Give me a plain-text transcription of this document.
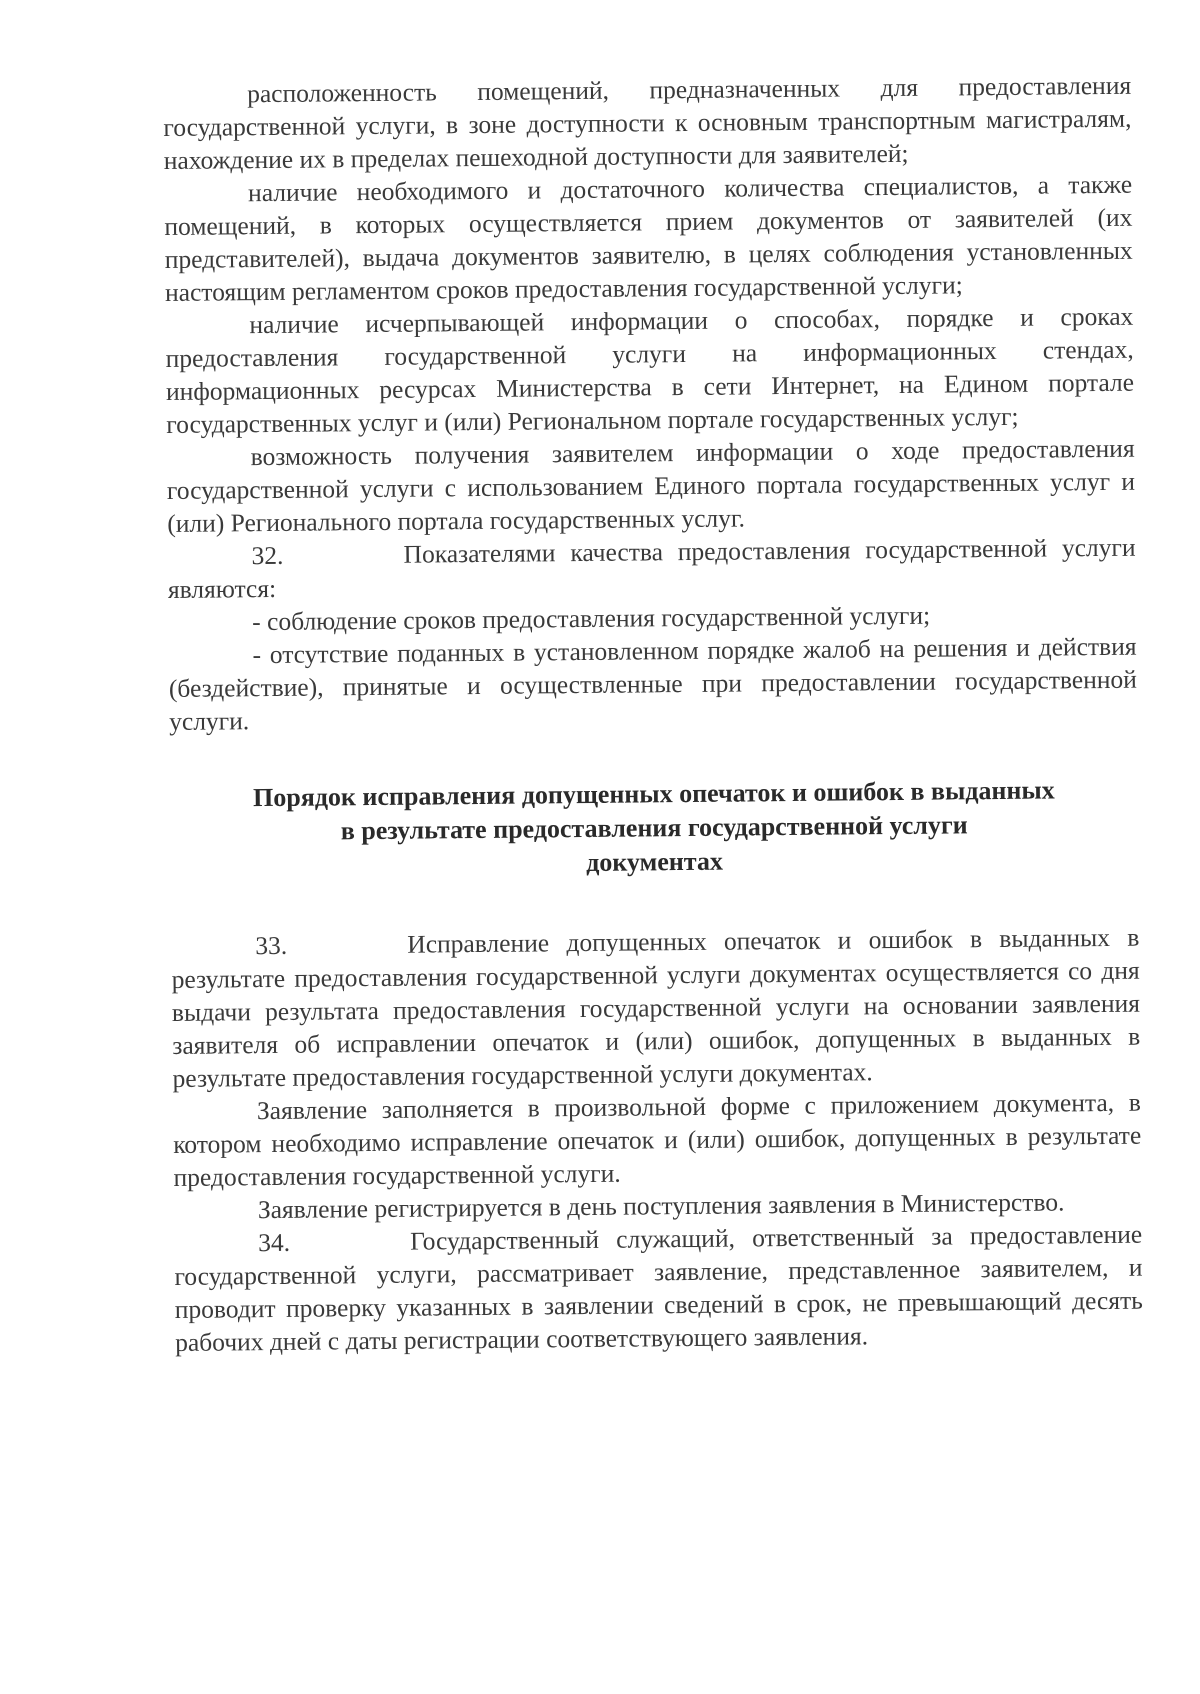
расположенность помещений, предназначенных для предоставления государственной услуги, в зоне доступности к основным транспортным магистралям, нахождение их в пределах пешеходной доступности для заявителей;

наличие необходимого и достаточного количества специалистов, а также помещений, в которых осуществляется прием документов от заявителей (их представителей), выдача документов заявителю, в целях соблюдения установленных настоящим регламентом сроков предоставления государственной услуги;

наличие исчерпывающей информации о способах, порядке и сроках предоставления государственной услуги на информационных стендах, информационных ресурсах Министерства в сети Интернет, на Едином портале государственных услуг и (или) Региональном портале государственных услуг;

возможность получения заявителем информации о ходе предоставления государственной услуги с использованием Единого портала государственных услуг и (или) Регионального портала государственных услуг.

32.	Показателями качества предоставления государственной услуги являются:

- соблюдение сроков предоставления государственной услуги;

- отсутствие поданных в установленном порядке жалоб на решения и действия (бездействие), принятые и осуществленные при предоставлении государственной услуги.

Порядок исправления допущенных опечаток и ошибок в выданных
в результате предоставления государственной услуги
документах

33.	Исправление допущенных опечаток и ошибок в выданных в результате предоставления государственной услуги документах осуществляется со дня выдачи результата предоставления государственной услуги на основании заявления заявителя об исправлении опечаток и (или) ошибок, допущенных в выданных в результате предоставления государственной услуги документах.

Заявление заполняется в произвольной форме с приложением документа, в котором необходимо исправление опечаток и (или) ошибок, допущенных в результате предоставления государственной услуги.

Заявление регистрируется в день поступления заявления в Министерство.

34.	Государственный служащий, ответственный за предоставление государственной услуги, рассматривает заявление, представленное заявителем, и проводит проверку указанных в заявлении сведений в срок, не превышающий десять рабочих дней с даты регистрации соответствующего заявления.
